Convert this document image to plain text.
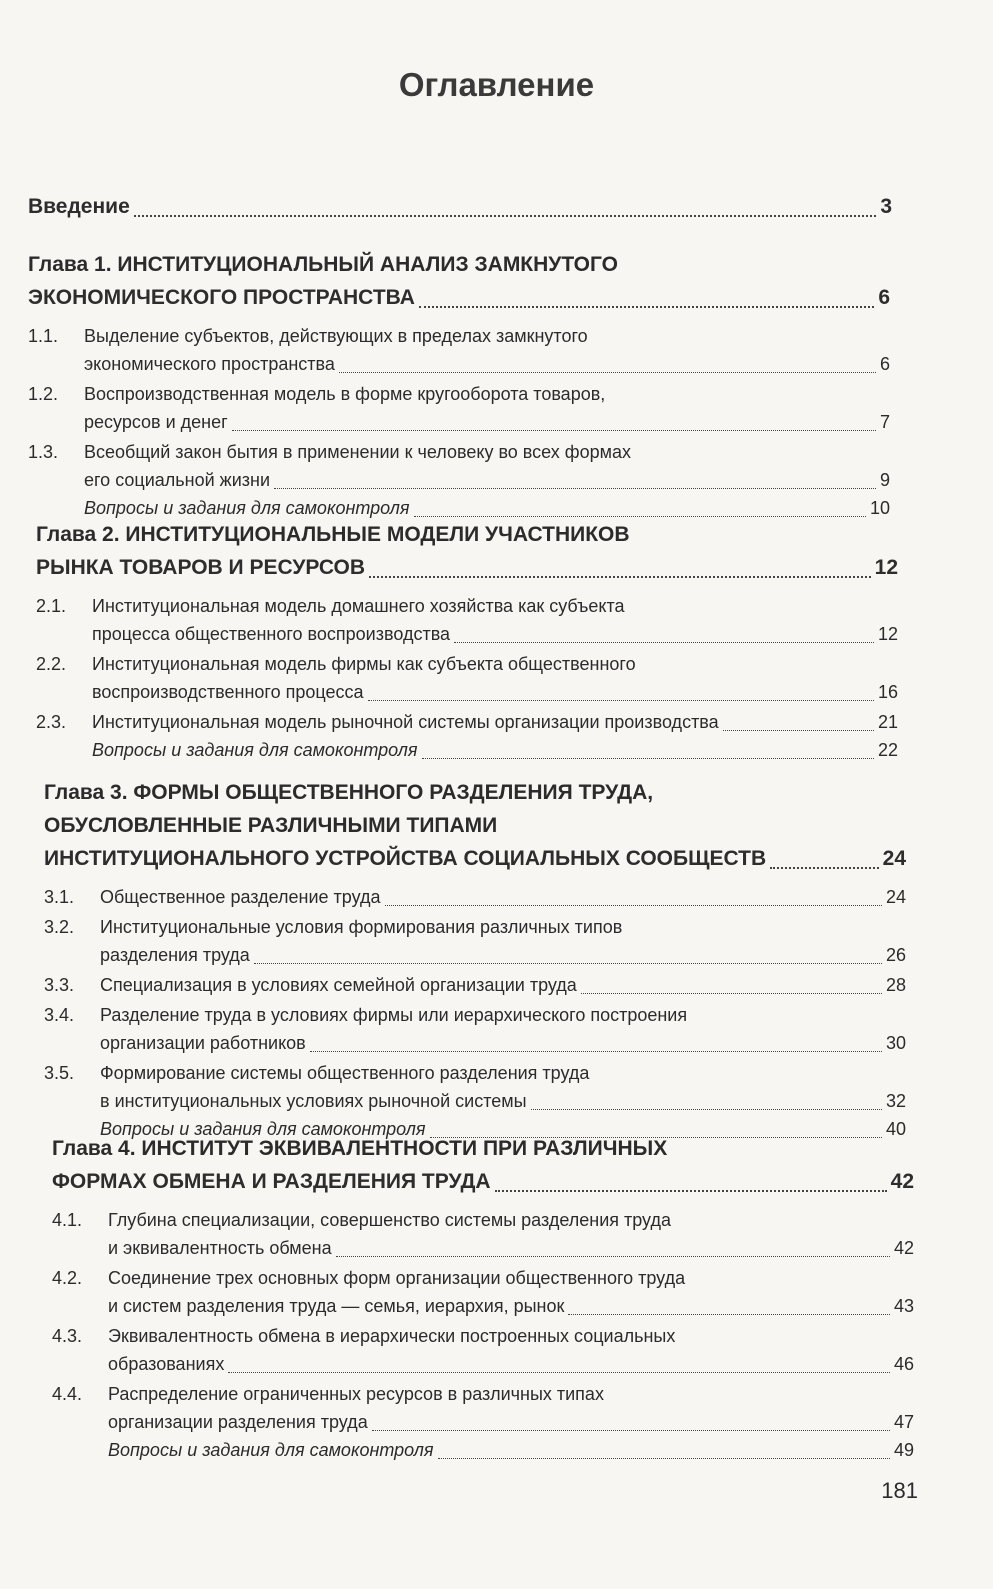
Оглавление
Введение	3
Глава 1. ИНСТИТУЦИОНАЛЬНЫЙ АНАЛИЗ ЗАМКНУТОГО
ЭКОНОМИЧЕСКОГО ПРОСТРАНСТВА	6
1.1.	Выделение субъектов, действующих в пределах замкнутого
экономического пространства	6
1.2.	Воспроизводственная модель в форме кругооборота товаров,
ресурсов и денег	7
1.3.	Всеобщий закон бытия в применении к человеку во всех формах
его социальной жизни	9
Вопросы и задания для самоконтроля	10
Глава 2. ИНСТИТУЦИОНАЛЬНЫЕ МОДЕЛИ УЧАСТНИКОВ
РЫНКА ТОВАРОВ И РЕСУРСОВ	12
2.1.	Институциональная модель домашнего хозяйства как субъекта
процесса общественного воспроизводства	12
2.2.	Институциональная модель фирмы как субъекта общественного
воспроизводственного процесса	16
2.3.	Институциональная модель рыночной системы организации производства	21
Вопросы и задания для самоконтроля	22
Глава 3. ФОРМЫ ОБЩЕСТВЕННОГО РАЗДЕЛЕНИЯ ТРУДА,
ОБУСЛОВЛЕННЫЕ РАЗЛИЧНЫМИ ТИПАМИ
ИНСТИТУЦИОНАЛЬНОГО УСТРОЙСТВА СОЦИАЛЬНЫХ СООБЩЕСТВ	24
3.1.	Общественное разделение труда	24
3.2.	Институциональные условия формирования различных типов
разделения труда	26
3.3.	Специализация в условиях семейной организации труда	28
3.4.	Разделение труда в условиях фирмы или иерархического построения
организации работников	30
3.5.	Формирование системы общественного разделения труда
в институциональных условиях рыночной системы	32
Вопросы и задания для самоконтроля	40
Глава 4. ИНСТИТУТ ЭКВИВАЛЕНТНОСТИ ПРИ РАЗЛИЧНЫХ
ФОРМАХ ОБМЕНА И РАЗДЕЛЕНИЯ ТРУДА	42
4.1.	Глубина специализации, совершенство системы разделения труда
и эквивалентность обмена	42
4.2.	Соединение трех основных форм организации общественного труда
и систем разделения труда — семья, иерархия, рынок	43
4.3.	Эквивалентность обмена в иерархически построенных социальных
образованиях	46
4.4.	Распределение ограниченных ресурсов в различных типах
организации разделения труда	47
Вопросы и задания для самоконтроля	49
181
